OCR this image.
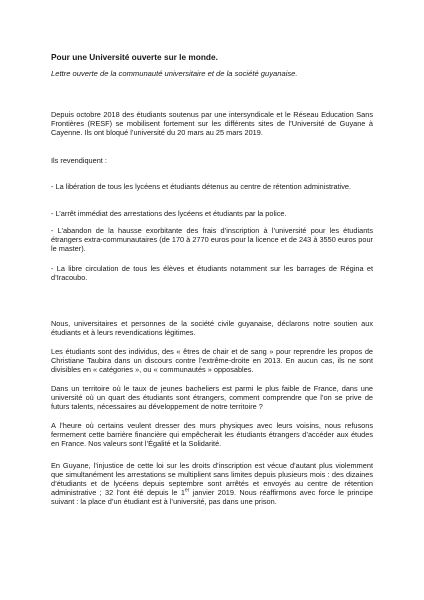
Pour une Université ouverte sur le monde.
Lettre ouverte de la communauté universitaire et de la société guyanaise.

Depuis octobre 2018 des étudiants soutenus par une intersyndicale et le Réseau Education Sans Frontières (RESF) se mobilisent fortement sur les différents sites de l’Université de Guyane à Cayenne. Ils ont bloqué l’université du 20 mars au 25 mars 2019.

Ils revendiquent :

- La libération de tous les lycéens et étudiants détenus au centre de rétention administrative.

- L’arrêt immédiat des arrestations des lycéens et étudiants par la police.

- L’abandon de la hausse exorbitante des frais d’inscription à l’université pour les étudiants étrangers extra-communautaires (de 170 à 2770 euros pour la licence et de 243 à 3550 euros pour le master).

- La libre circulation de tous les élèves et étudiants notamment sur les barrages de Régina et d’Iracoubo.

Nous, universitaires et personnes de la société civile guyanaise, déclarons notre soutien aux étudiants et à leurs revendications légitimes.

Les étudiants sont des individus, des « êtres de chair et de sang » pour reprendre les propos de Christiane Taubira dans un discours contre l’extrême-droite en 2013. En aucun cas, ils ne sont divisibles en « catégories », ou « communautés » opposables.

Dans un territoire où le taux de jeunes bacheliers est parmi le plus faible de France, dans une université où un quart des étudiants sont étrangers, comment comprendre que l’on se prive de futurs talents, nécessaires au développement de notre territoire ?

A l’heure où certains veulent dresser des murs physiques avec leurs voisins, nous refusons fermement cette barrière financière qui empêcherait les étudiants étrangers d’accéder aux études en France. Nos valeurs sont l’Égalité et la Solidarité.

En Guyane, l’injustice de cette loi sur les droits d’inscription est vécue d’autant plus violemment que simultanément les arrestations se multiplient sans limites depuis plusieurs mois : des dizaines d’étudiants et de lycéens depuis septembre sont arrêtés et envoyés au centre de rétention administrative ; 32 l’ont été depuis le 1er janvier 2019. Nous réaffirmons avec force le principe suivant : la place d’un étudiant est à l’université, pas dans une prison.
